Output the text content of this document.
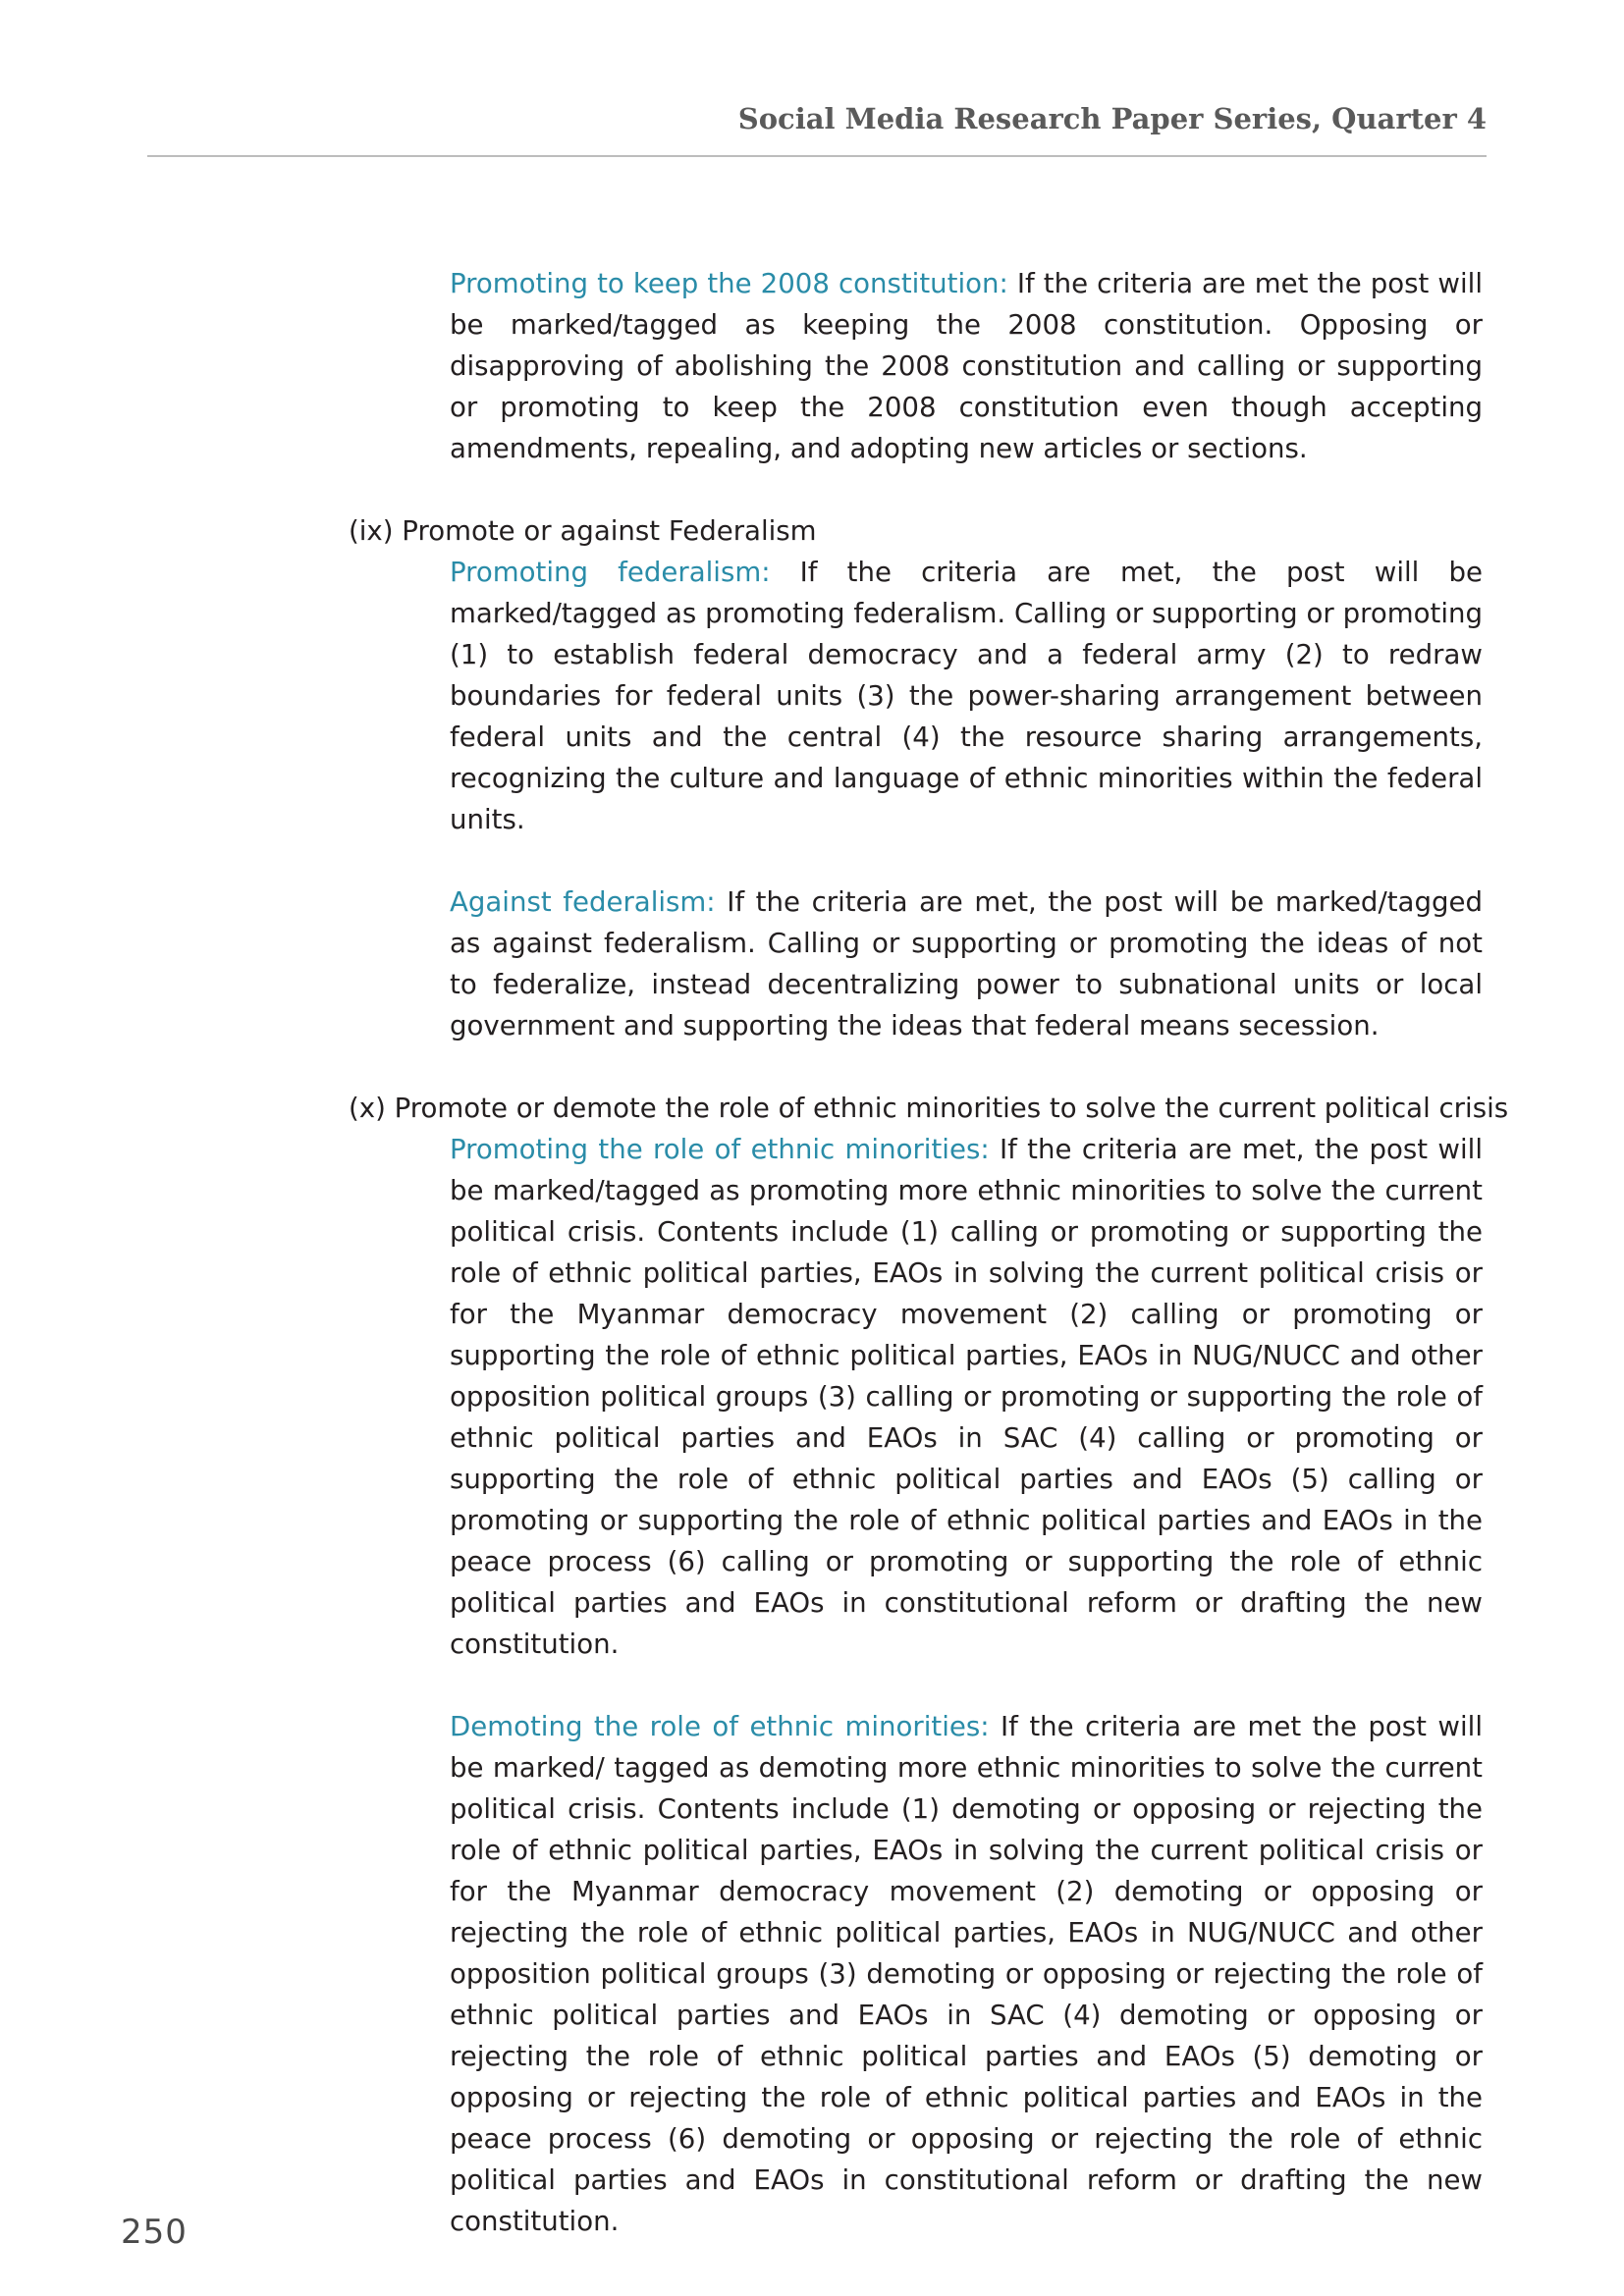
Social Media Research Paper Series, Quarter 4

Promoting to keep the 2008 constitution: If the criteria are met the post will be marked/tagged as keeping the 2008 constitution. Opposing or disapproving of abolishing the 2008 constitution and calling or supporting or promoting to keep the 2008 constitution even though accepting amendments, repealing, and adopting new articles or sections.

(ix) Promote or against Federalism

Promoting federalism: If the criteria are met, the post will be marked/tagged as promoting federalism. Calling or supporting or promoting (1) to establish federal democracy and a federal army (2) to redraw boundaries for federal units (3) the power-sharing arrangement between federal units and the central (4) the resource sharing arrangements, recognizing the culture and language of ethnic minorities within the federal units.

Against federalism: If the criteria are met, the post will be marked/tagged as against federalism. Calling or supporting or promoting the ideas of not to federalize, instead decentralizing power to subnational units or local government and supporting the ideas that federal means secession.

(x) Promote or demote the role of ethnic minorities to solve the current political crisis

Promoting the role of ethnic minorities: If the criteria are met, the post will be marked/tagged as promoting more ethnic minorities to solve the current political crisis. Contents include (1) calling or promoting or supporting the role of ethnic political parties, EAOs in solving the current political crisis or for the Myanmar democracy movement (2) calling or promoting or supporting the role of ethnic political parties, EAOs in NUG/NUCC and other opposition political groups (3) calling or promoting or supporting the role of ethnic political parties and EAOs in SAC (4) calling or promoting or supporting the role of ethnic political parties and EAOs (5) calling or promoting or supporting the role of ethnic political parties and EAOs in the peace process (6) calling or promoting or supporting the role of ethnic political parties and EAOs in constitutional reform or drafting the new constitution.

Demoting the role of ethnic minorities: If the criteria are met the post will be marked/ tagged as demoting more ethnic minorities to solve the current political crisis. Contents include (1) demoting or opposing or rejecting the role of ethnic political parties, EAOs in solving the current political crisis or for the Myanmar democracy movement (2) demoting or opposing or rejecting the role of ethnic political parties, EAOs in NUG/NUCC and other opposition political groups (3) demoting or opposing or rejecting the role of ethnic political parties and EAOs in SAC (4) demoting or opposing or rejecting the role of ethnic political parties and EAOs (5) demoting or opposing or rejecting the role of ethnic political parties and EAOs in the peace process (6) demoting or opposing or rejecting the role of ethnic political parties and EAOs in constitutional reform or drafting the new constitution.

250
